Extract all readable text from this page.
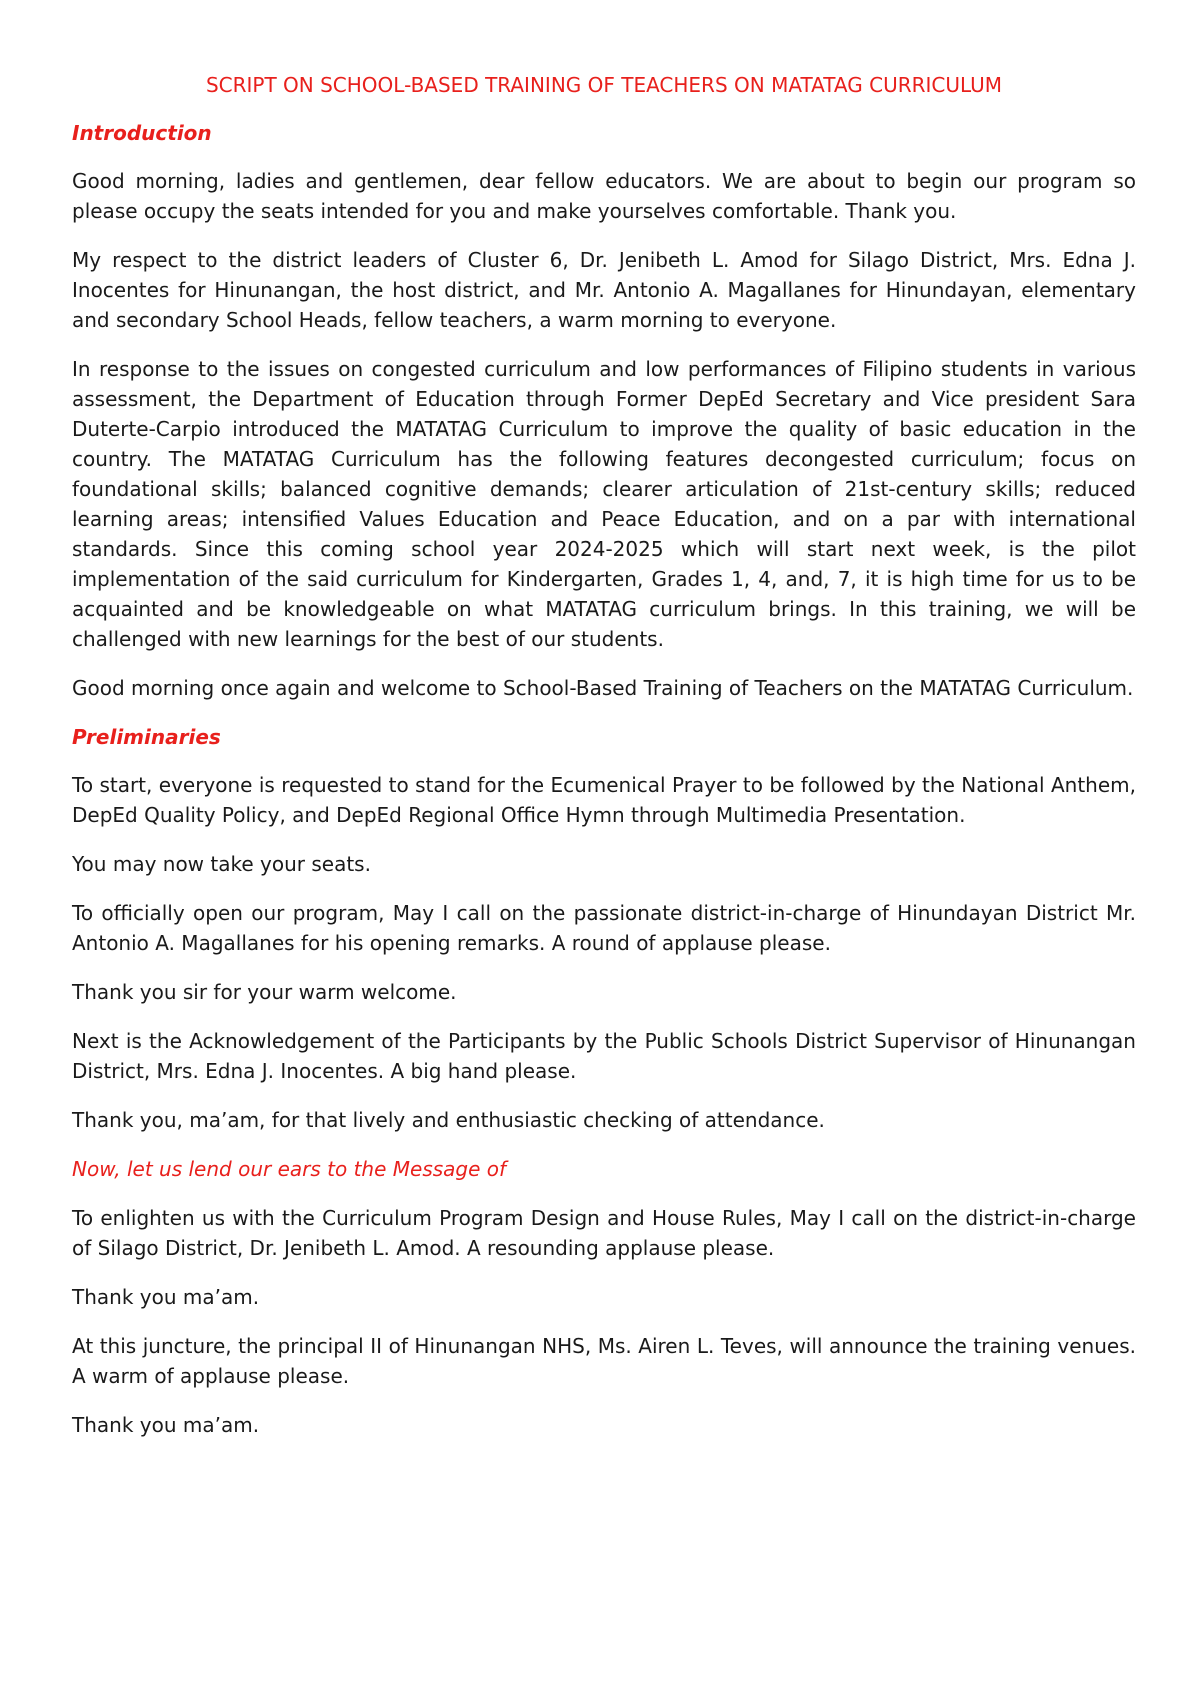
SCRIPT ON SCHOOL-BASED TRAINING OF TEACHERS ON MATATAG CURRICULUM
Introduction

Good morning, ladies and gentlemen, dear fellow educators. We are about to begin our program so please occupy the seats intended for you and make yourselves comfortable. Thank you.

My respect to the district leaders of Cluster 6, Dr. Jenibeth L. Amod for Silago District, Mrs. Edna J. Inocentes for Hinunangan, the host district, and Mr. Antonio A. Magallanes for Hinundayan, elementary and secondary School Heads, fellow teachers, a warm morning to everyone.

In response to the issues on congested curriculum and low performances of Filipino students in various assessment, the Department of Education through Former DepEd Secretary and Vice president Sara Duterte-Carpio introduced the MATATAG Curriculum to improve the quality of basic education in the country. The MATATAG Curriculum has the following features decongested curriculum; focus on foundational skills; balanced cognitive demands; clearer articulation of 21st-century skills; reduced learning areas; intensified Values Education and Peace Education, and on a par with international standards. Since this coming school year 2024-2025 which will start next week, is the pilot implementation of the said curriculum for Kindergarten, Grades 1, 4, and, 7, it is high time for us to be acquainted and be knowledgeable on what MATATAG curriculum brings. In this training, we will be challenged with new learnings for the best of our students.

Good morning once again and welcome to School-Based Training of Teachers on the MATATAG Curriculum.

Preliminaries

To start, everyone is requested to stand for the Ecumenical Prayer to be followed by the National Anthem, DepEd Quality Policy, and DepEd Regional Office Hymn through Multimedia Presentation.

You may now take your seats.

To officially open our program, May I call on the passionate district-in-charge of Hinundayan District Mr. Antonio A. Magallanes for his opening remarks. A round of applause please.

Thank you sir for your warm welcome.

Next is the Acknowledgement of the Participants by the Public Schools District Supervisor of Hinunangan District, Mrs. Edna J. Inocentes. A big hand please.

Thank you, ma’am, for that lively and enthusiastic checking of attendance.

Now, let us lend our ears to the Message of

To enlighten us with the Curriculum Program Design and House Rules, May I call on the district-in-charge of Silago District, Dr. Jenibeth L. Amod. A resounding applause please.

Thank you ma’am.

At this juncture, the principal II of Hinunangan NHS, Ms. Airen L. Teves, will announce the training venues. A warm of applause please.

Thank you ma’am.
